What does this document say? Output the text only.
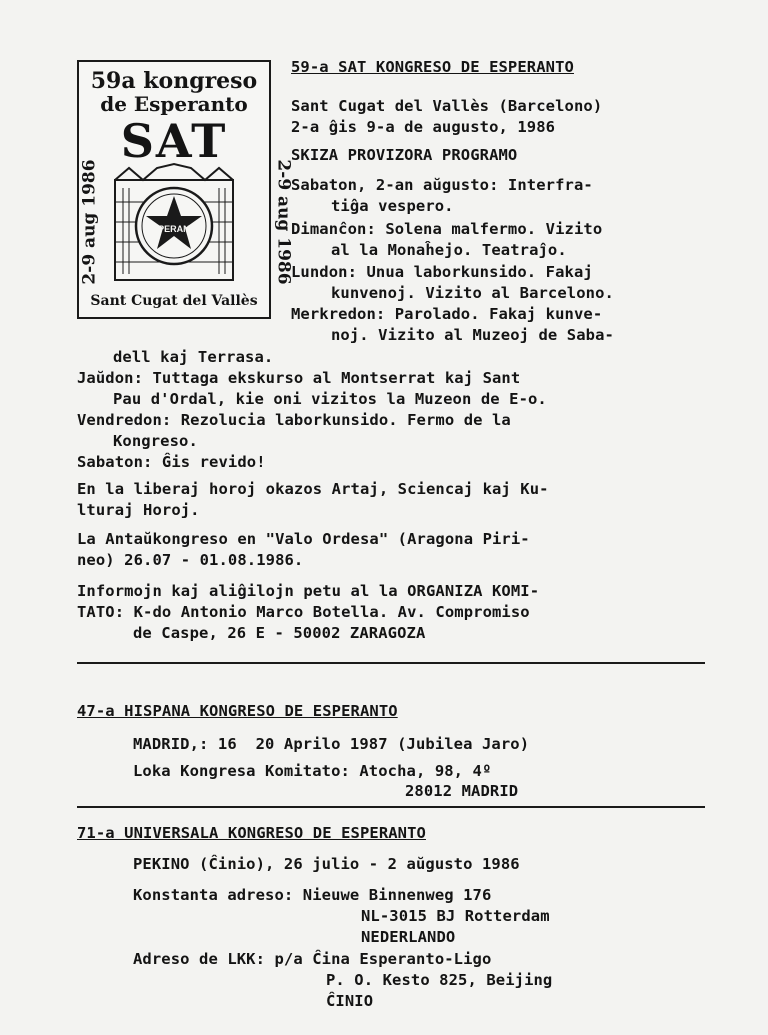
59a kongreso
de Esperanto
SAT
2-9 aug 1986	2-9 aug 1986
ESPERANTO
Sant Cugat del Vallès
59-a SAT KONGRESO DE ESPERANTO
Sant Cugat del Vallès (Barcelono)
2-a ĝis 9-a de augusto, 1986
SKIZA PROVIZORA PROGRAMO
Sabaton, 2-an aŭgusto: Interfra-
tiĝa vespero.
Dimanĉon: Solena malfermo. Vizito
al la Monaĥejo. Teatraĵo.
Lundon: Unua laborkunsido. Fakaj
kunvenoj. Vizito al Barcelono.
Merkredon: Parolado. Fakaj kunve-
noj. Vizito al Muzeoj de Saba-
dell kaj Terrasa.
Jaŭdon: Tuttaga ekskurso al Montserrat kaj Sant
Pau d'Ordal, kie oni vizitos la Muzeon de E-o.
Vendredon: Rezolucia laborkunsido. Fermo de la
Kongreso.
Sabaton: Ĝis revido!
En la liberaj horoj okazos Artaj, Sciencaj kaj Ku-
lturaj Horoj.
La Antaŭkongreso en "Valo Ordesa" (Aragona Piri-
neo) 26.07 - 01.08.1986.
Informojn kaj aliĝilojn petu al la ORGANIZA KOMI-
TATO: K-do Antonio Marco Botella. Av. Compromiso
de Caspe, 26 E - 50002 ZARAGOZA
47-a HISPANA KONGRESO DE ESPERANTO
MADRID,: 16  20 Aprilo 1987 (Jubilea Jaro)
Loka Kongresa Komitato: Atocha, 98, 4º
28012 MADRID
71-a UNIVERSALA KONGRESO DE ESPERANTO
PEKINO (Ĉinio), 26 julio - 2 aŭgusto 1986
Konstanta adreso: Nieuwe Binnenweg 176
NL-3015 BJ Rotterdam
NEDERLANDO
Adreso de LKK: p/a Ĉina Esperanto-Ligo
P. O. Kesto 825, Beijing
ĈINIO
